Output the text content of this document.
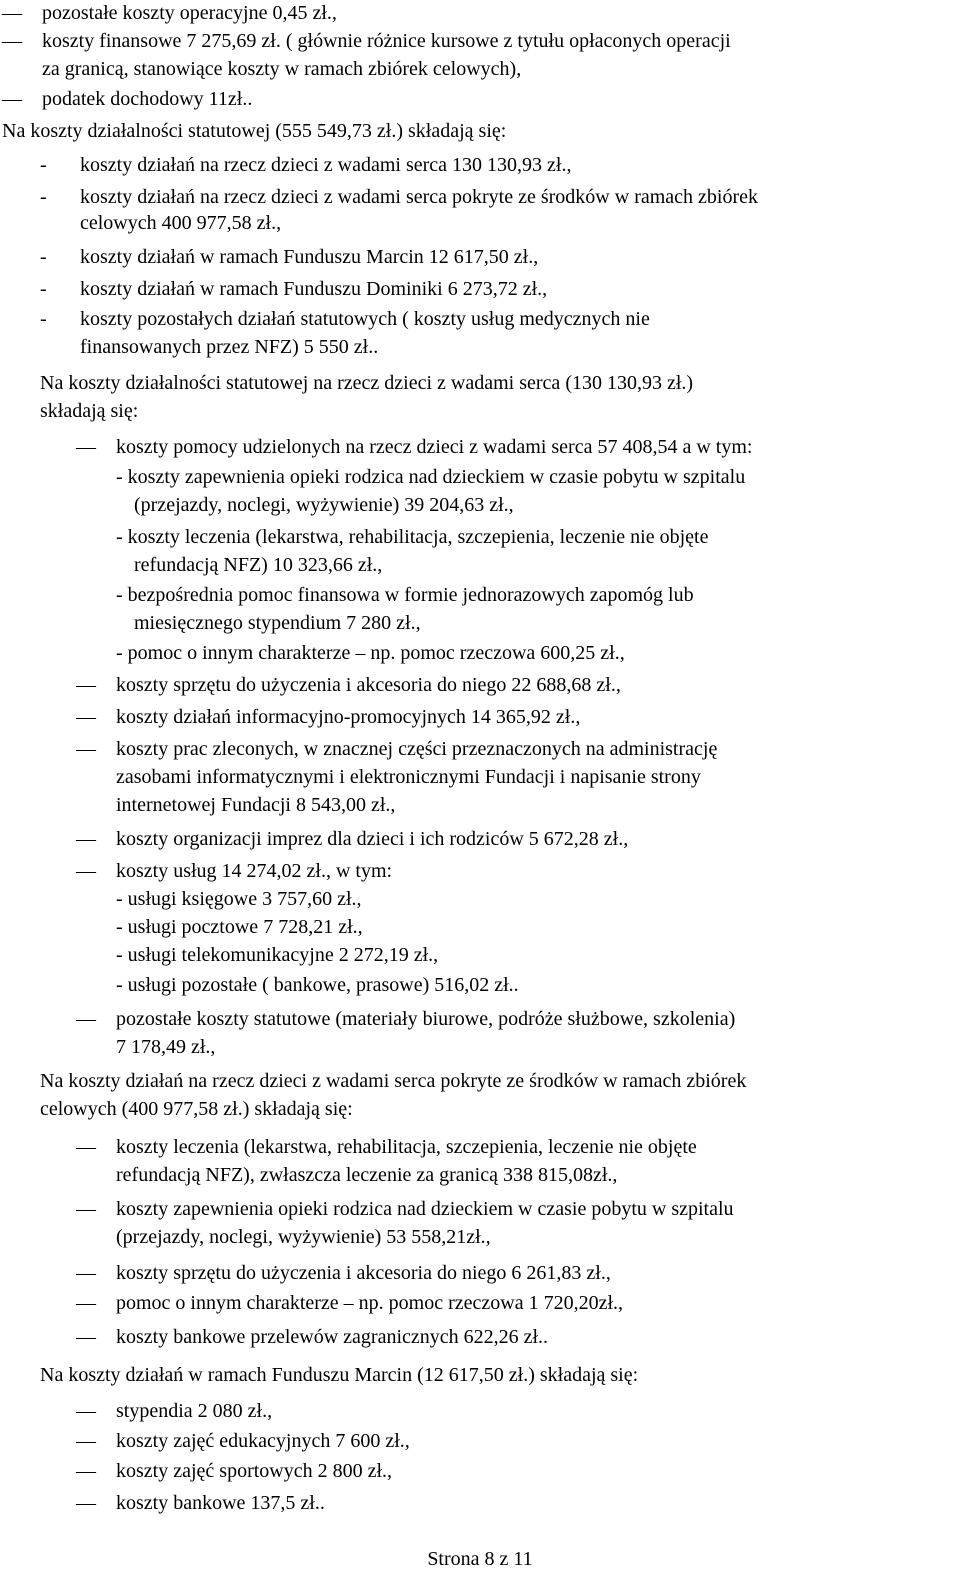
— pozostałe koszty operacyjne 0,45 zł.,
— koszty finansowe 7 275,69 zł. ( głównie różnice kursowe z tytułu opłaconych operacji
za granicą, stanowiące koszty w ramach zbiórek celowych),
— podatek dochodowy 11zł..
Na koszty działalności statutowej (555 549,73 zł.) składają się:
- koszty działań na rzecz dzieci z wadami serca 130 130,93 zł.,
- koszty działań na rzecz dzieci z wadami serca pokryte ze środków w ramach zbiórek
celowych 400 977,58 zł.,
- koszty działań w ramach Funduszu Marcin 12 617,50 zł.,
- koszty działań w ramach Funduszu Dominiki 6 273,72 zł.,
- koszty pozostałych działań statutowych ( koszty usług medycznych nie
finansowanych przez NFZ) 5 550 zł..
Na koszty działalności statutowej na rzecz dzieci z wadami serca (130 130,93 zł.)
składają się:
— koszty pomocy udzielonych na rzecz dzieci z wadami serca 57 408,54 a w tym:
- koszty zapewnienia opieki rodzica nad dzieckiem w czasie pobytu w szpitalu
(przejazdy, noclegi, wyżywienie) 39 204,63 zł.,
- koszty leczenia (lekarstwa, rehabilitacja, szczepienia, leczenie nie objęte
refundacją NFZ) 10 323,66 zł.,
- bezpośrednia pomoc finansowa w formie jednorazowych zapomóg lub
miesięcznego stypendium 7 280 zł.,
- pomoc o innym charakterze – np. pomoc rzeczowa 600,25 zł.,
— koszty sprzętu do użyczenia i akcesoria do niego 22 688,68 zł.,
— koszty działań informacyjno-promocyjnych 14 365,92 zł.,
— koszty prac zleconych, w znacznej części przeznaczonych na administrację
zasobami informatycznymi i elektronicznymi Fundacji i napisanie strony
internetowej Fundacji 8 543,00 zł.,
— koszty organizacji imprez dla dzieci i ich rodziców 5 672,28 zł.,
— koszty usług 14 274,02 zł., w tym:
- usługi księgowe 3 757,60 zł.,
- usługi pocztowe 7 728,21 zł.,
- usługi telekomunikacyjne 2 272,19 zł.,
- usługi pozostałe ( bankowe, prasowe) 516,02 zł..
— pozostałe koszty statutowe (materiały biurowe, podróże służbowe, szkolenia)
7 178,49 zł.,
Na koszty działań na rzecz dzieci z wadami serca pokryte ze środków w ramach zbiórek
celowych (400 977,58 zł.) składają się:
— koszty leczenia (lekarstwa, rehabilitacja, szczepienia, leczenie nie objęte
refundacją NFZ), zwłaszcza leczenie za granicą 338 815,08zł.,
— koszty zapewnienia opieki rodzica nad dzieckiem w czasie pobytu w szpitalu
(przejazdy, noclegi, wyżywienie) 53 558,21zł.,
— koszty sprzętu do użyczenia i akcesoria do niego 6 261,83 zł.,
— pomoc o innym charakterze – np. pomoc rzeczowa 1 720,20zł.,
— koszty bankowe przelewów zagranicznych 622,26 zł..
Na koszty działań w ramach Funduszu Marcin (12 617,50 zł.) składają się:
— stypendia 2 080 zł.,
— koszty zajęć edukacyjnych 7 600 zł.,
— koszty zajęć sportowych 2 800 zł.,
— koszty bankowe 137,5 zł..
Strona 8 z 11
